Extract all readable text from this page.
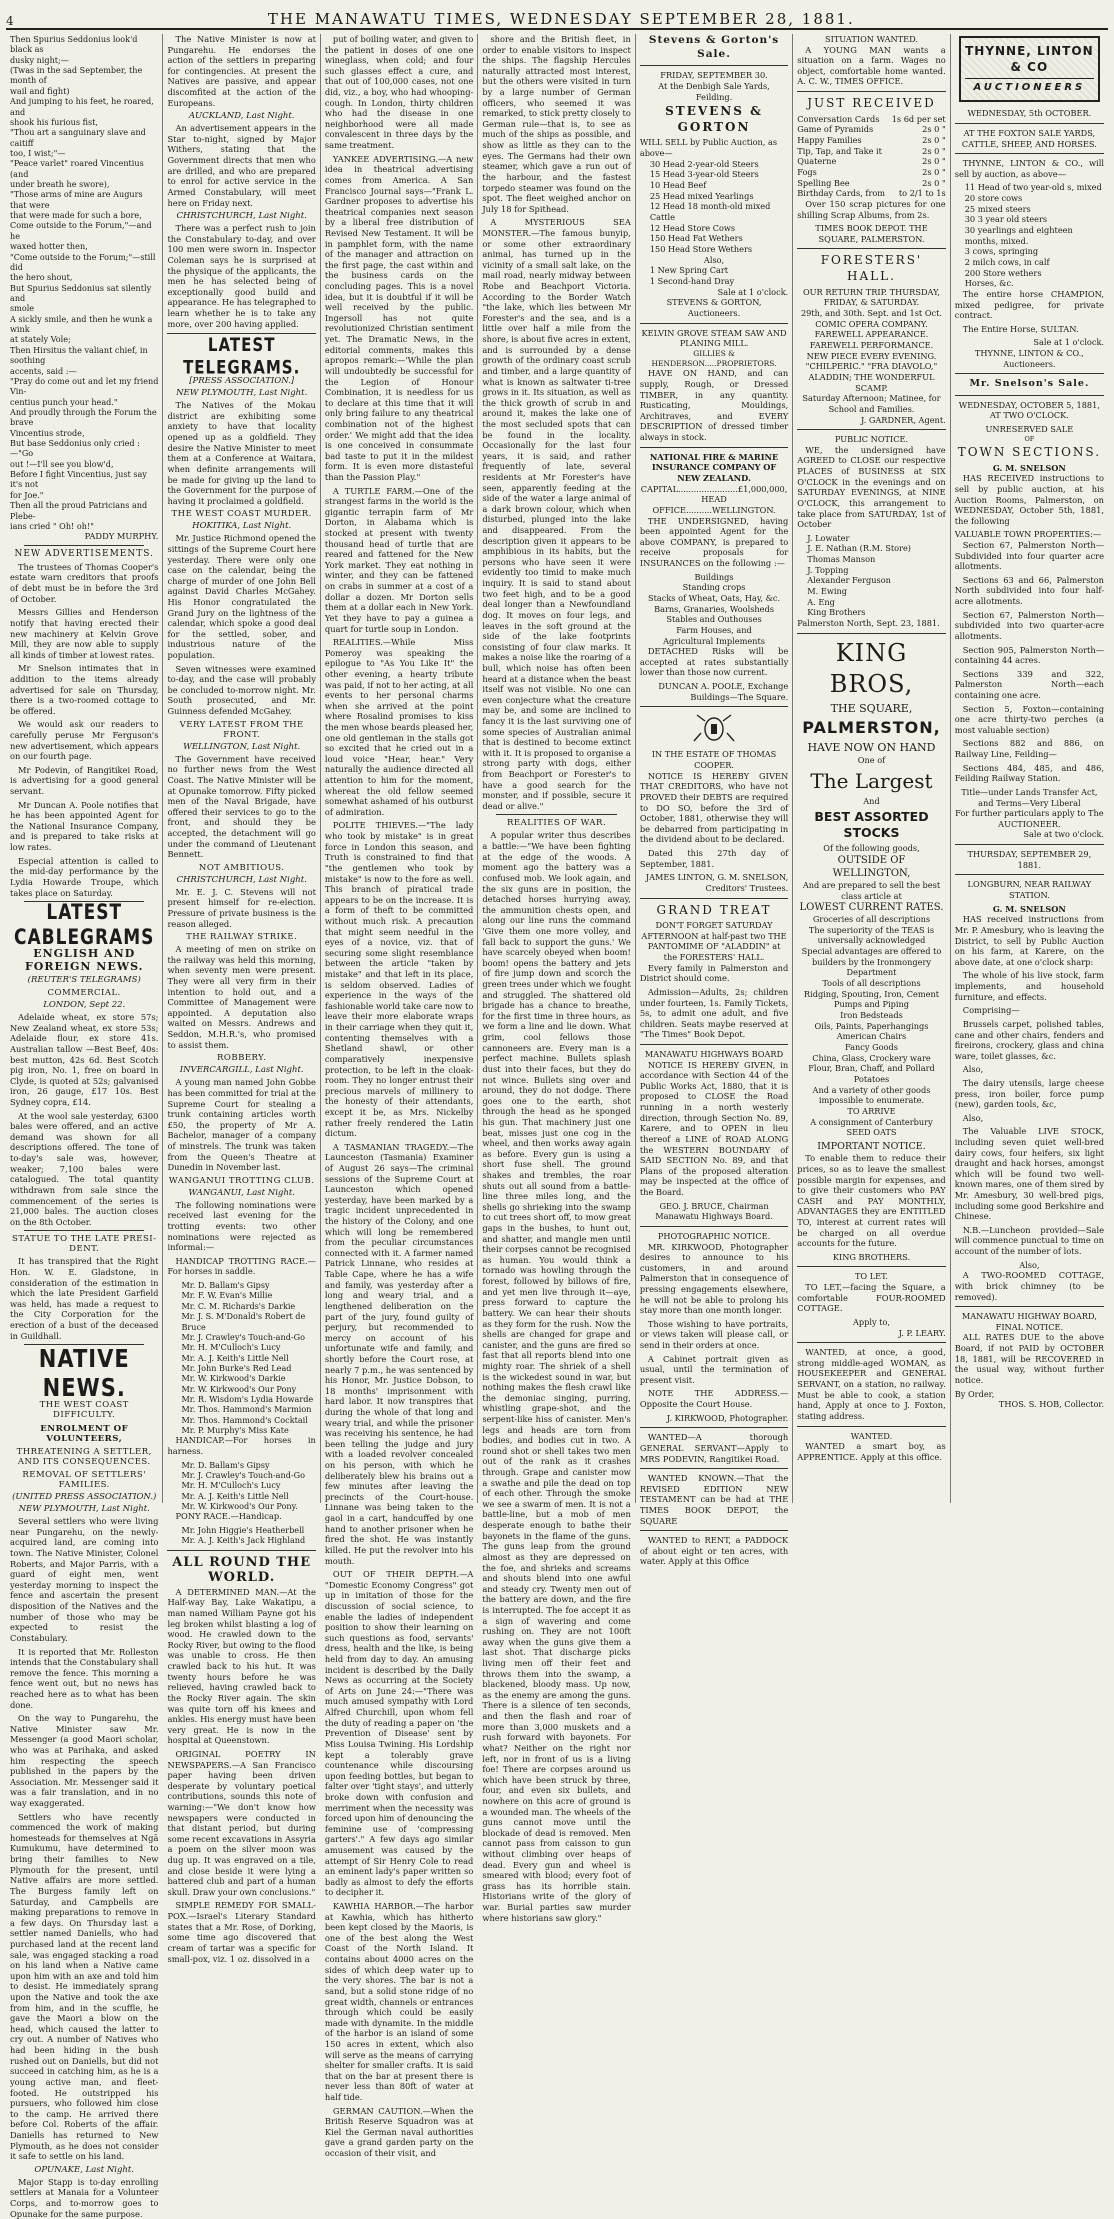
4	THE MANAWATU TIMES, WEDNESDAY SEPTEMBER 28, 1881.

Then Spurius Seddonius look'd black as

dusky night;—

(Twas in the sad September, the month of

wail and fight)

And jumping to his feet, he roared, and

shook his furious fist,

"Thou art a sanguinary slave and caitiff

too, I wist;"—

"Peace varlet" roared Vincentius (and

under breath he swore),

"Those arms of mine are Augurs that were

that were made for such a bore,

Come outside to the Forum,"—and he

waxed hotter then,

"Come outside to the Forum;"—still did

the hero shout,

But Spurius Seddonius sat silently and

smole

A sickly smile, and then he wunk a wink

at stately Vole;

Then Hirsitus the valiant chief, in soothing

accents, said :—

"Pray do come out and let my friend Vin-

centius punch your head."

And proudly through the Forum the brave

Vincentius strode,

But base Seddonius only cried :—"Go

out !—I'll see you blow'd,

Before I fight Vincentius, just say it's not

for Joe."

Then all the proud Patricians and Plebe-

ians cried " Oh! oh!"

PADDY MURPHY.

NEW ADVERTISEMENTS.

The trustees of Thomas Cooper's estate warn creditors that proofs of debt must be in before the 3rd of October.

Messrs Gillies and Henderson notify that having erected their new machinery at Kelvin Grove Mill, they are now able to supply all kinds of timber at lowest rates.

Mr Snelson intimates that in addition to the items already advertised for sale on Thursday, there is a two-roomed cottage to be offered.

We would ask our readers to carefully peruse Mr Ferguson's new advertisement, which appears on our fourth page.

Mr Podevin, of Rangitikei Road, is advertising for a good general servant.

Mr Duncan A. Poole notifies that he has been appointed Agent for the National Insurance Company, and is prepared to take risks at low rates.

Especial attention is called to the mid-day performance by the Lydia Howarde Troupe, which takes place on Saturday.

LATEST CABLEGRAMS
ENGLISH AND FOREIGN NEWS.
(REUTER'S TELEGRAMS)
COMMERCIAL.
LONDON, Sept 22.

Adelaide wheat, ex store 57s; New Zealand wheat, ex store 53s; Adelaide flour, ex store 41s. Australian tallow —Best Beef, 40s: best mutton, 42s 6d. Best Scotch pig iron, No. 1, free on board in Clyde, is quoted at 52s; galvanised iron, 26 gauge, £17 10s. Best Sydney copra, £14.

At the wool sale yesterday, 6300 bales were offered, and an active demand was shown for all descriptions offered. The tone of to-day's sale was, however, weaker; 7,100 bales were catalogued. The total quantity withdrawn from sale since the commencement of the series is 21,000 bales. The auction closes on the 8th October.

STATUE TO THE LATE PRESI- DENT.

It has transpired that the Right Hon. W. E. Gladstone, in consideration of the estimation in which the late President Garfield was held, has made a request to the City Corporation for the erection of a bust of the deceased in Guildhall.

NATIVE NEWS.
THE WEST COAST DIFFICULTY.
ENROLMENT OF VOLUNTEERS,
THREATENING A SETTLER, AND ITS CONSEQUENCES.
REMOVAL OF SETTLERS' FAMILIES.
(UNITED PRESS ASSOCIATION.)
NEW PLYMOUTH, Last Night.

Several settlers who were living near Pungarehu, on the newly-acquired land, are coming into town. The Native Minister, Colonel Roberts, and Major Parris, with a guard of eight men, went yesterday morning to inspect the fence and ascertain the present disposition of the Natives and the number of those who may be expected to resist the Constabulary.

It is reported that Mr. Rolleston intends that the Constabulary shall remove the fence. This morning a fence went out, but no news has reached here as to what has been done.

On the way to Pungarehu, the Native Minister saw Mr. Messenger (a good Maori scholar, who was at Parihaka, and asked him respecting the speech published in the papers by the Association. Mr. Messenger said it was a fair translation, and in no way exaggerated.

Settlers who have recently commenced the work of making homesteads for themselves at Ngā Kumukumu, have determined to bring their families to New Plymouth for the present, until Native affairs are more settled. The Burgess family left on Saturday, and Campbells are making preparations to remove in a few days. On Thursday last a settler named Daniells, who had purchased land at the recent land sale, was engaged stacking a road on his land when a Native came upon him with an axe and told him to desist. He immediately sprang upon the Native and took the axe from him, and in the scuffle, he gave the Maori a blow on the head, which caused the latter to cry out. A number of Natives who had been hiding in the bush rushed out on Daniells, but did not succeed in catching him, as he is a young active man, and fleet-footed. He outstripped his pursuers, who followed him close to the camp. He arrived there before Col. Roberts of the affair. Daniells has returned to New Plymouth, as he does not consider it safe to settle on his land.

OPUNAKE, Last Night.

Major Stapp is to-day enrolling settlers at Manaia for a Volunteer Corps, and to-morrow goes to Opunake for the same purpose.

The Native Minister is now at Pungarehu. He endorses the action of the settlers in preparing for contingencies. At present the Natives are passive, and appear discomfited at the action of the Europeans.

AUCKLAND, Last Night.

An advertisement appears in the Star to-night, signed by Major Withers, stating that the Government directs that men who are drilled, and who are prepared to enrol for active service in the Armed Constabulary, will meet here on Friday next.

CHRISTCHURCH, Last Night.

There was a perfect rush to join the Constabulary to-day, and over 100 men were sworn in. Inspector Coleman says he is surprised at the physique of the applicants, the men he has selected being of exceptionally good build and appearance. He has telegraphed to learn whether he is to take any more, over 200 having applied.

LATEST TELEGRAMS.
[PRESS ASSOCIATION.]
NEW PLYMOUTH, Last Night.

The Natives of the Mokau district are exhibiting some anxiety to have that locality opened up as a goldfield. They desire the Native Minister to meet them at a Conference at Waitara, when definite arrangements will be made for giving up the land to the Government for the purpose of having it proclaimed a goldfield.

THE WEST COAST MURDER.
HOKITIKA, Last Night.

Mr. Justice Richmond opened the sittings of the Supreme Court here yesterday. There were only one case on the calendar, being the charge of murder of one John Bell against David Charles McGahey. His Honor congratulated the Grand Jury on the lightness of the calendar, which spoke a good deal for the settled, sober, and industrious nature of the population.

Seven witnesses were examined to-day, and the case will probably be concluded to-morrow night. Mr. South prosecuted, and Mr. Guinness defended McGahey.

VERY LATEST FROM THE FRONT.
WELLINGTON, Last Night.

The Government have received no further news from the West Coast. The Native Minister will be at Opunake tomorrow. Fifty picked men of the Naval Brigade, have offered their services to go to the front, and should they be accepted, the detachment will go under the command of Lieutenant Bennett.

NOT AMBITIOUS.
CHRISTCHURCH, Last Night.

Mr. E. J. C. Stevens will not present himself for re-election. Pressure of private business is the reason alleged.

THE RAILWAY STRIKE.

A meeting of men on strike on the railway was held this morning, when seventy men were present. They were all very firm in their intention to hold out, and a Committee of Management were appointed. A deputation also waited on Messrs. Andrews and Seddon, M.H.R.'s, who promised to assist them.

ROBBERY.
INVERCARGILL, Last Night.

A young man named John Gobbe has been committed for trial at the Supreme Court for stealing a trunk containing articles worth £50, the property of Mr A. Bachelor, manager of a company of minstrels. The trunk was taken from the Queen's Theatre at Dunedin in November last.

WANGANUI TROTTING CLUB.
WANGANUI, Last Night.

The following nominations were received last evening for the trotting events: two other nominations were rejected as informal:—

HANDICAP TROTTING RACE.—For horses in saddle.

Mr. D. Ballam's Gipsy

Mr. F. W. Evan's Millie

Mr. C. M. Richards's Darkie

Mr. J. S. M'Donald's Robert de Bruce

Mr. J. Crawley's Touch-and-Go

Mr. H. M'Culloch's Lucy

Mr. A. J. Keith's Little Nell

Mr. John Burke's Red Lead

Mr. W. Kirkwood's Darkie

Mr. W. Kirkwood's Our Pony

Mr. R. Wisdom's Lydia Howarde

Mr. Thos. Hammond's Marmion

Mr. Thos. Hammond's Cocktail

Mr. P. Murphy's Miss Kate

HANDICAP.—For horses in harness.

Mr. D. Ballam's Gipsy

Mr. J. Crawley's Touch-and-Go

Mr. H. M'Culloch's Lucy

Mr. A. J. Keith's Little Nell

Mr. W. Kirkwood's Our Pony.

PONY RACE.—Handicap.

Mr. John Higgie's Heatherbell

Mr. A. J. Keith's Jack Highland

ALL ROUND THE WORLD.

A DETERMINED MAN.—At the Half-way Bay, Lake Wakatipu, a man named William Payne got his leg broken whilst blasting a log of wood. He crawled down to the Rocky River, but owing to the flood was unable to cross. He then crawled back to his hut. It was twenty hours before he was relieved, having crawled back to the Rocky River again. The skin was quite torn off his knees and ankles. His energy must have been very great. He is now in the hospital at Queenstown.

ORIGINAL POETRY IN NEWSPAPERS.—A San Francisco paper having been driven desperate by voluntary poetical contributions, sounds this note of warning:—"We don't know how newspapers were conducted in that distant period, but during some recent excavations in Assyria a poem on the silver moon was dug up. It was engraved on a tile, and close beside it were lying a battered club and part of a human skull. Draw your own conclusions."

SIMPLE REMEDY FOR SMALL-POX.—Israel's Literary Standard states that a Mr. Rose, of Dorking, some time ago discovered that cream of tartar was a specific for small-pox, viz. 1 oz. dissolved in a

put of boiling water, and given to the patient in doses of one one wineglass, when cold; and four such glasses effect a cure, and that out of 100,000 cases, not one did, viz., a boy, who had whooping-cough. In London, thirty children who had the disease in one neighborhood were all made convalescent in three days by the same treatment.

YANKEE ADVERTISING.—A new idea in theatrical advertising comes from America. A San Francisco Journal says—"Frank L. Gardner proposes to advertise his theatrical companies next season by a liberal free distribution of Revised New Testament. It will be in pamphlet form, with the name of the manager and attraction on the first page, the cast within and the business cards on the concluding pages. This is a novel idea, but it is doubtful if it will be well received by the public. Ingersoll has not quite revolutionized Christian sentiment yet. The Dramatic News, in the editorial comments, makes this apropos remark:—'While the plan will undoubtedly be successful for the Legion of Honour Combination, it is needless for us to declare at this time that it will only bring failure to any theatrical combination not of the highest order.' We might add that the idea is one conceived in consummate bad taste to put it in the mildest form. It is even more distasteful than the Passion Play."

A TURTLE FARM.—One of the strangest farms in the world is the gigantic terrapin farm of Mr Dorton, in Alabama which is stocked at present with twenty thousand head of turtle that are reared and fattened for the New York market. They eat nothing in winter, and they can be fattened on crabs in summer at a cost of a dollar a dozen. Mr Dorton sells them at a dollar each in New York. Yet they have to pay a guinea a quart for turtle soup in London.

REALITIES.—While Miss Pomeroy was speaking the epilogue to "As You Like It" the other evening, a hearty tribute was paid, if not to her acting, at all events to her personal charms when she arrived at the point where Rosalind promises to kiss the men whose beards pleased her, one old gentleman in the stalls got so excited that he cried out in a loud voice "Hear, hear." Very naturally the audience directed all attention to him for the moment, whereat the old fellow seemed somewhat ashamed of his outburst of admiration.

POLITE THIEVES.—"The lady who took by mistake" is in great force in London this season, and Truth is constrained to find that "the gentlemen who took by mistake" is now to the fore as well. This branch of piratical trade appears to be on the increase. It is a form of theft to be committed without much risk. A precaution that might seem needful in the eyes of a novice, viz. that of securing some slight resemblance between the article "taken by mistake" and that left in its place, is seldom observed. Ladies of experience in the ways of the fashionable world take care now to leave their more elaborate wraps in their carriage when they quit it, contenting themselves with a Shetland shawl, or other comparatively inexpensive protection, to be left in the cloak-room. They no longer entrust their precious marvels of millinery to the honesty of their attendants, except it be, as Mrs. Nickelby rather freely rendered the Latin dictum.

A TASMANIAN TRAGEDY.—The Launceston (Tasmania) Examiner of August 26 says—The criminal sessions of the Supreme Court at Launceston which opened yesterday, have been marked by a tragic incident unprecedented in the history of the Colony, and one which will long be remembered from the peculiar circumstances connected with it. A farmer named Patrick Linnane, who resides at Table Cape, where he has a wife and family, was yesterday after a long and weary trial, and a lengthened deliberation on the part of the jury, found guilty of perjury, but recommended to mercy on account of his unfortunate wife and family, and shortly before the Court rose, at nearly 7 p.m., he was sentenced by his Honor, Mr. Justice Dobson, to 18 months' imprisonment with hard labor. It now transpires that during the whole of that long and weary trial, and while the prisoner was receiving his sentence, he had been telling the judge and jury with a loaded revolver concealed on his person, with which he deliberately blew his brains out a few minutes after leaving the precincts of the Court-house. Linnane was being taken to the gaol in a cart, handcuffed by one hand to another prisoner when he fired the shot. He was instantly killed. He put the revolver into his mouth.

OUT OF THEIR DEPTH.—A "Domestic Economy Congress" got up in imitation of those for the discussion of social science, to enable the ladies of independent position to show their learning on such questions as food, servants' dress, health and the like, is being held from day to day. An amusing incident is described by the Daily News as occurring at the Society of Arts on June 24:—"There was much amused sympathy with Lord Alfred Churchill, upon whom fell the duty of reading a paper on 'the Prevention of Disease' sent by Miss Louisa Twining. His Lordship kept a tolerably grave countenance while discoursing upon feeding bottles, but began to falter over 'tight stays', and utterly broke down with confusion and merriment when the necessity was forced upon him of denouncing the feminine use of 'compressing garters'." A few days ago similar amusement was caused by the attempt of Sir Henry Cole to read an eminent lady's paper written so badly as almost to defy the efforts to decipher it.

KAWHIA HARBOR.—The harbor at Kawhia, which has hitherto been kept closed by the Maoris, is one of the best along the West Coast of the North Island. It contains about 4000 acres on the sides of which deep water up to the very shores. The bar is not a sand, but a solid stone ridge of no great width, channels or entrances through which could be easily made with dynamite. In the middle of the harbor is an island of some 150 acres in extent, which also will serve as the means of carrying shelter for smaller crafts. It is said that on the bar at present there is never less than 80ft of water at half tide.

GERMAN CAUTION.—When the British Reserve Squadron was at Kiel the German naval authorities gave a grand garden party on the occasion of their visit, and

shore and the British fleet, in order to enable visitors to inspect the ships. The flagship Hercules naturally attracted most interest, but the others were visited in turn by a large number of German officers, who seemed it was remarked, to stick pretty closely to German rule—that is, to see as much of the ships as possible, and show as little as they can to the eyes. The Germans had their own steamer, which gave a run out of the harbour, and the fastest torpedo steamer was found on the spot. The fleet weighed anchor on July 18 for Spithead.

A MYSTERIOUS SEA MONSTER.—The famous bunyip, or some other extraordinary animal, has turned up in the vicinity of a small salt lake, on the mail road, nearly midway between Robe and Beachport Victoria. According to the Border Watch "the lake, which lies between Mr Forester's and the sea, and is a little over half a mile from the shore, is about five acres in extent, and is surrounded by a dense growth of the ordinary coast scrub and timber, and a large quantity of what is known as saltwater ti-tree grows in it. Its situation, as well as the thick growth of scrub in and around it, makes the lake one of the most secluded spots that can be found in the locality. Occasionally for the last four years, it is said, and rather frequently of late, several residents at Mr Forester's have seen, apparently feeding at the side of the water a large animal of a dark brown colour, which when disturbed, plunged into the lake and disappeared. From the description given it appears to be amphibious in its habits, but the persons who have seen it were evidently too timid to make much inquiry. It is said to stand about two feet high, and to be a good deal longer than a Newfoundland dog. It moves on four legs, and leaves in the soft ground at the side of the lake footprints consisting of four claw marks. It makes a noise like the roaring of a bull, which noise has often been heard at a distance when the beast itself was not visible. No one can even conjecture what the creature may be, and some are inclined to fancy it is the last surviving one of some species of Australian animal that is destined to become extinct with it. It is proposed to organise a strong party with dogs, either from Beachport or Forester's to have a good search for the monster, and if possible, secure it dead or alive."

REALITIES OF WAR.

A popular writer thus describes a battle:—"We have been fighting at the edge of the woods. A moment ago the battery was a confused mob. We look again, and the six guns are in position, the detached horses hurrying away, the ammunition chests open, and along our line runs the command 'Give them one more volley, and fall back to support the guns.' We have scarcely obeyed when boom! boom! opens the battery and jets of fire jump down and scorch the green trees under which we fought and struggled. The shattered old brigade has a chance to breathe, for the first time in three hours, as we form a line and lie down. What grim, cool fellows those cannoneers are. Every man is a perfect machine. Bullets splash dust into their faces, but they do not wince. Bullets sing over and around, they do not dodge. There goes one to the earth, shot through the head as he sponged his gun. That machinery just one beat, misses just one cog in the wheel, and then works away again as before. Every gun is using a short fuse shell. The ground shakes and trembles, the roar shuts out all sound from a battle-line three miles long, and the shells go shrieking into the swamp to cut trees short off, to mow great gaps in the bushes, to hunt out, and shatter, and mangle men until their corpses cannot be recognised as human. You would think a tornado was howling through the forest, followed by billows of fire, and yet men live through it—aye, press forward to capture the battery. We can hear their shouts as they form for the rush. Now the shells are changed for grape and canister, and the guns are fired so fast that all reports blend into one mighty roar. The shriek of a shell is the wickedest sound in war, but nothing makes the flesh crawl like the demoniac singing, purring, whistling grape-shot, and the serpent-like hiss of canister. Men's legs and heads are torn from bodies, and bodies cut in two. A round shot or shell takes two men out of the rank as it crashes through. Grape and canister mow a swathe and pile the dead on top of each other. Through the smoke we see a swarm of men. It is not a battle-line, but a mob of men desperate enough to bathe their bayonets in the flame of the guns. The guns leap from the ground almost as they are depressed on the foe, and shrieks and screams and shouts blend into one awful and steady cry. Twenty men out of the battery are down, and the fire is interrupted. The foe accept it as a sign of wavering and come rushing on. They are not 100ft away when the guns give them a last shot. That discharge picks living men off their feet and throws them into the swamp, a blackened, bloody mass. Up now, as the enemy are among the guns. There is a silence of ten seconds, and then the flash and roar of more than 3,000 muskets and a rush forward with bayonets. For what? Neither on the right nor left, nor in front of us is a living foe! There are corpses around us which have been struck by three, four, and even six bullets, and nowhere on this acre of ground is a wounded man. The wheels of the guns cannot move until the blockade of dead is removed. Men cannot pass from caisson to gun without climbing over heaps of dead. Every gun and wheel is smeared with blood; every foot of grass has its horrible stain. Historians write of the glory of war. Burial parties saw murder where historians saw glory."

Stevens & Gorton's Sale.
FRIDAY, SEPTEMBER 30.
At the Denbigh Sale Yards, Feilding.
STEVENS & GORTON
WILL SELL by Public Auction, as above—
30 Head 2-year-old Steers
15 Head 3-year-old Steers
10 Head Beef
25 Head mixed Yearlings
12 Head 18 month-old mixed Cattle
12 Head Store Cows
150 Head Fat Wethers
150 Head Store Wethers
Also,
1 New Spring Cart
1 Second-hand Dray
Sale at 1 o'clock.
STEVENS & GORTON, Auctioneers.
KELVIN GROVE STEAM SAW AND PLANING MILL.
GILLIES & HENDERSON.....PROPRIETORS.

HAVE ON HAND, and can supply, Rough, or Dressed TIMBER, in any quantity. Rusticating, Mouldings, Architraves, and EVERY DESCRIPTION of dressed timber always in stock.

NATIONAL FIRE & MARINE INSURANCE COMPANY OF NEW ZEALAND.
CAPITAL.......................£1,000,000,
HEAD OFFICE..........WELLINGTON.

THE UNDERSIGNED, having been appointed Agent for the above COMPANY, is prepared to receive proposals for INSURANCES on the following :—

Buildings
Standing crops
Stacks of Wheat, Oats, Hay, &c.
Barns, Granaries, Woolsheds
Stables and Outhouses
Farm Houses, and
Agricultural Implements

DETACHED Risks will be accepted at rates substantially lower than those now current.

DUNCAN A. POOLE, Exchange Buildings—The Square.
IN THE ESTATE OF THOMAS COOPER.

NOTICE IS HEREBY GIVEN THAT CREDITORS, who have not PROVED their DEBTS are required to DO SO, before the 3rd of October, 1881, otherwise they will be debarred from participating in the dividend about to be declared.

Dated this 27th day of September, 1881.

JAMES LINTON, G. M. SNELSON, Creditors' Trustees.
GRAND TREAT
DON'T FORGET SATURDAY AFTERNOON at half-past two THE PANTOMIME OF "ALADDIN" at the FORESTERS' HALL.

Every family in Palmerston and District should come.

Admission—Adults, 2s; children under fourteen, 1s. Family Tickets, 5s, to admit one adult, and five children. Seats maybe reserved at "The Times" Book Depot.

MANAWATU HIGHWAYS BOARD

NOTICE IS HEREBY GIVEN, in accordance with Section 44 of the Public Works Act, 1880, that it is proposed to CLOSE the Road running in a north westerly direction, through Section No. 89, Karere, and to OPEN in lieu thereof a LINE of ROAD ALONG the WESTERN BOUNDARY of SAID SECTION No. 89, and that Plans of the proposed alteration may be inspected at the office of the Board.

GEO. J. BRUCE, Chairman Manawatu Highways Board.
PHOTOGRAPHIC NOTICE.

MR. KIRKWOOD, Photographer desires to announce to his customers, in and around Palmerston that in consequence of pressing engagements elsewhere, he will not be able to prolong his stay more than one month longer.

Those wishing to have portraits, or views taken will please call, or send in their orders at once.

A Cabinet portrait given as usual, until the termination of present visit.

NOTE THE ADDRESS.—Opposite the Court House.

J. KIRKWOOD, Photographer.

WANTED—A thorough GENERAL SERVANT—Apply to MRS PODEVIN, Rangitikei Road.

WANTED KNOWN.—That the REVISED EDITION NEW TESTAMENT can be had at THE TIMES BOOK DEPOT, the SQUARE

WANTED to RENT, a PADDOCK of about eight or ten acres, with water. Apply at this Office

SITUATION WANTED.

A YOUNG MAN wants a situation on a farm. Wages no object, comfortable home wanted. A. C. W., TIMES OFFICE.

JUST RECEIVED
Conversation Cards 1s 6d per set
Game of Pyramids	2s 0 "
Happy Families	2s 0 "
Tip, Tap, and Take it	2s 0 "
Quaterne	2s 0 "
Fogs	2s 0 "
Spelling Bee	2s 0 "
Birthday Cards, from to 2/1 to 1s

Over 150 scrap pictures for one shilling Scrap Albums, from 2s.

TIMES BOOK DEPOT. THE SQUARE, PALMERSTON.
FORESTERS' HALL.
OUR RETURN TRIP. THURSDAY, FRIDAY, & SATURDAY.
29th, and 30th. Sept. and 1st Oct.
COMIC OPERA COMPANY.
FAREWELL APPEARANCE.
FAREWELL PERFORMANCE.
NEW PIECE EVERY EVENING.
"CHILPERIC." "FRA DIAVOLO," ALADDIN; THE WONDERFUL SCAMP.
Saturday Afternoon; Matinee, for School and Families.
J. GARDNER, Agent.
PUBLIC NOTICE.

WE, the undersigned have AGREED to CLOSE our respective PLACES of BUSINESS at SIX O'CLOCK in the evenings and on SATURDAY EVENINGS, at NINE O'CLOCK, this arrangement to take place from SATURDAY, 1st of October

J. Lowater
J. E. Nathan (R.M. Store)
Thomas Manson
J. Topping
Alexander Ferguson
M. Ewing
A. Eng
King Brothers
Palmerston North, Sept. 23, 1881.
KING BROS,
THE SQUARE,
PALMERSTON,
HAVE NOW ON HAND
One of
The Largest
And
BEST ASSORTED STOCKS
Of the following goods,
OUTSIDE OF WELLINGTON,
And are prepared to sell the best class article at
LOWEST CURRENT RATES.
Groceries of all descriptions
The superiority of the TEAS is universally acknowledged
Special advantages are offered to builders by the Ironmongery Department
Tools of all descriptions
Ridging, Spouting, Iron, Cement
Pumps and Piping
Iron Bedsteads
Oils, Paints, Paperhangings
American Chairs
Fancy Goods
China, Glass, Crockery ware
Flour, Bran, Chaff, and Pollard
Potatoes
And a variety of other goods impossible to enumerate.
TO ARRIVE
A consignment of Canterbury SEED OATS
IMPORTANT NOTICE.

To enable them to reduce their prices, so as to leave the smallest possible margin for expenses, and to give their customers who PAY CASH and PAY MONTHLY, ADVANTAGES they are ENTITLED TO, interest at current rates will be charged on all overdue accounts for the future.

KING BROTHERS.
TO LET.

TO LET,—facing the Square, a comfortable FOUR-ROOMED COTTAGE.

Apply to,
J. P. LEARY.

WANTED, at once, a good, strong middle-aged WOMAN, as HOUSEKEEPER and GENERAL SERVANT, on a station, no railway. Must be able to cook, a station hand, Apply at once to J. Foxton, stating address.

WANTED.

WANTED a smart boy, as APPRENTICE. Apply at this office.

THYNNE, LINTON & CO
AUCTIONEERS
WEDNESDAY, 5th OCTOBER.
AT THE FOXTON SALE YARDS,
CATTLE, SHEEP, AND HORSES.

THYNNE, LINTON & CO., will sell by auction, as above—

11 Head of two year-old s, mixed
20 store cows
25 mixed steers
30 3 year old steers
30 yearlings and eighteen months, mixed.
3 cows, springing
2 milch cows, in calf
200 Store wethers
Horses, &c.

The entire horse CHAMPION, mixed pedigree, for private contract.

The Entire Horse, SULTAN.

Sale at 1 o'clock.
THYNNE, LINTON & CO., Auctioneers.
Mr. Snelson's Sale.
WEDNESDAY, OCTOBER 5, 1881, AT TWO O'CLOCK.
UNRESERVED SALE
OF
TOWN SECTIONS.
G. M. SNELSON

HAS RECEIVED instructions to sell by public auction, at his Auction Rooms, Palmerston, on WEDNESDAY, October 5th, 1881, the following

VALUABLE TOWN PROPERTIES:—

Section 67, Palmerston North—Subdivided into four quarter acre allotments.

Sections 63 and 66, Palmerston North subdivided into four half-acre allotments.

Section 67, Palmerston North—subdivided into two quarter-acre allotments.

Section 905, Palmerston North—containing 44 acres.

Sections 339 and 322, Palmerston North—each containing one acre.

Section 5, Foxton—containing one acre thirty-two perches (a most valuable section)

Sections 882 and 886, on Railway Line, Feilding—

Sections 484, 485, and 486, Feilding Railway Station.

Title—under Lands Transfer Act, and Terms—Very Liberal
For further particulars apply to The AUCTIONEER.
Sale at two o'clock.
THURSDAY, SEPTEMBER 29, 1881.
LONGBURN, NEAR RAILWAY STATION.
G. M. SNELSON

HAS received instructions from Mr. P. Amesbury, who is leaving the District, to sell by Public Auction on his farm, at Karere, on the above date, at one o'clock sharp:

The whole of his live stock, farm implements, and household furniture, and effects.

Comprising—

Brussels carpet, polished tables, cane and other chairs, fenders and fireirons, crockery, glass and china ware, toilet glasses, &c.

Also,

The dairy utensils, large cheese press, iron boiler, force pump (new), garden tools, &c,

Also,

The Valuable LIVE STOCK, including seven quiet well-bred dairy cows, four heifers, six light draught and hack horses, amongst which will be found two well-known mares, one of them sired by Mr. Amesbury, 30 well-bred pigs, including some good Berkshire and Chinese.

N.B.—Luncheon provided—Sale will commence punctual to time on account of the number of lots.

Also,

A TWO-ROOMED COTTAGE, with brick chimney (to be removed).

MANAWATU HIGHWAY BOARD,
FINAL NOTICE.

ALL RATES DUE to the above Board, if not PAID by OCTOBER 18, 1881, will be RECOVERED in the usual way, without further notice.

By Order,
THOS. S. HOB, Collector.
